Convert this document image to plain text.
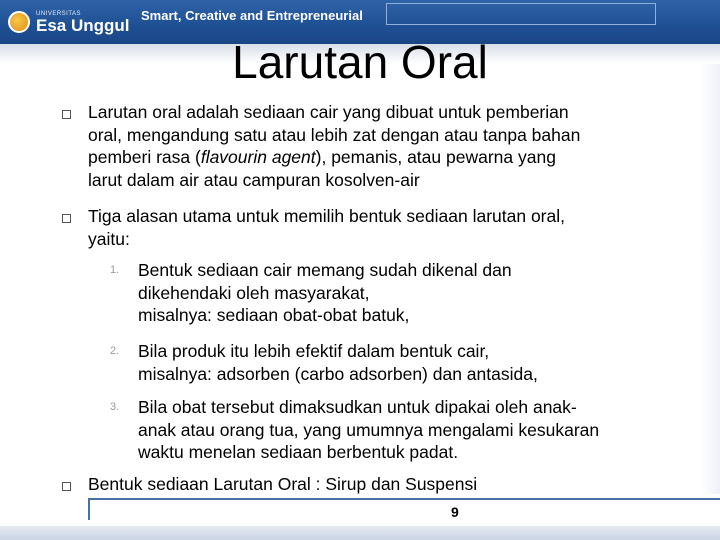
UNIVERSITAS
Esa Unggul Smart, Creative and Entrepreneurial
Larutan Oral
Larutan oral adalah sediaan cair yang dibuat untuk pemberian
oral, mengandung satu atau lebih zat dengan atau tanpa bahan
pemberi rasa (flavourin agent), pemanis, atau pewarna yang
larut dalam air atau campuran kosolven-air
Tiga alasan utama untuk memilih bentuk sediaan larutan oral,
yaitu:
1. Bentuk sediaan cair memang sudah dikenal dan
dikehendaki oleh masyarakat,
misalnya: sediaan obat-obat batuk,
2. Bila produk itu lebih efektif dalam bentuk cair,
misalnya: adsorben (carbo adsorben) dan antasida,
3. Bila obat tersebut dimaksudkan untuk dipakai oleh anak-
anak atau orang tua, yang umumnya mengalami kesukaran
waktu menelan sediaan berbentuk padat.
Bentuk sediaan Larutan Oral : Sirup dan Suspensi
9
